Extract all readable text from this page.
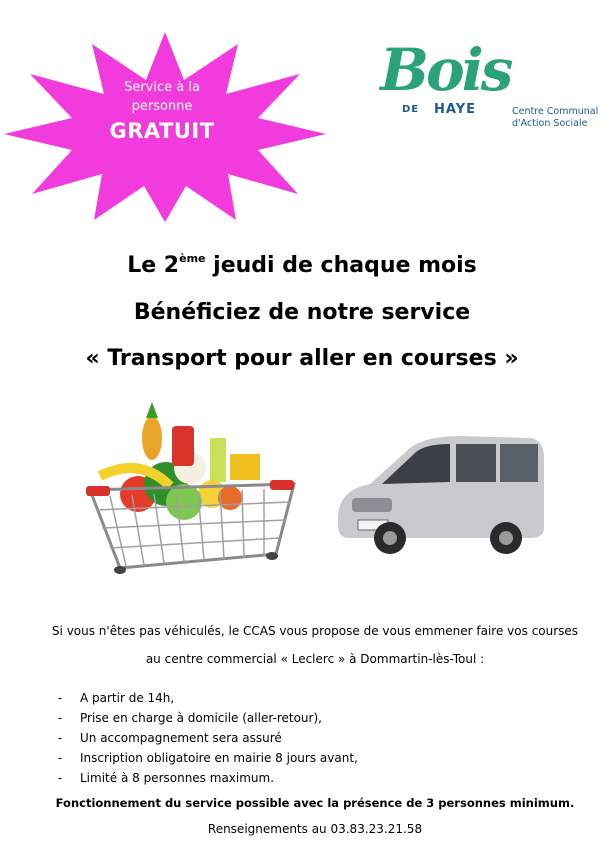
Service à la
personne
GRATUIT
Bois
DE HAYE	Centre Communal
d'Action Sociale
Le 2ème jeudi de chaque mois
Bénéficiez de notre service
« Transport pour aller en courses »
Si vous n'êtes pas véhiculés, le CCAS vous propose de vous emmener faire vos courses
au centre commercial « Leclerc » à Dommartin-lès-Toul :
- A partir de 14h,
- Prise en charge à domicile (aller-retour),
- Un accompagnement sera assuré
- Inscription obligatoire en mairie 8 jours avant,
- Limité à 8 personnes maximum.
Fonctionnement du service possible avec la présence de 3 personnes minimum.
Renseignements au 03.83.23.21.58
